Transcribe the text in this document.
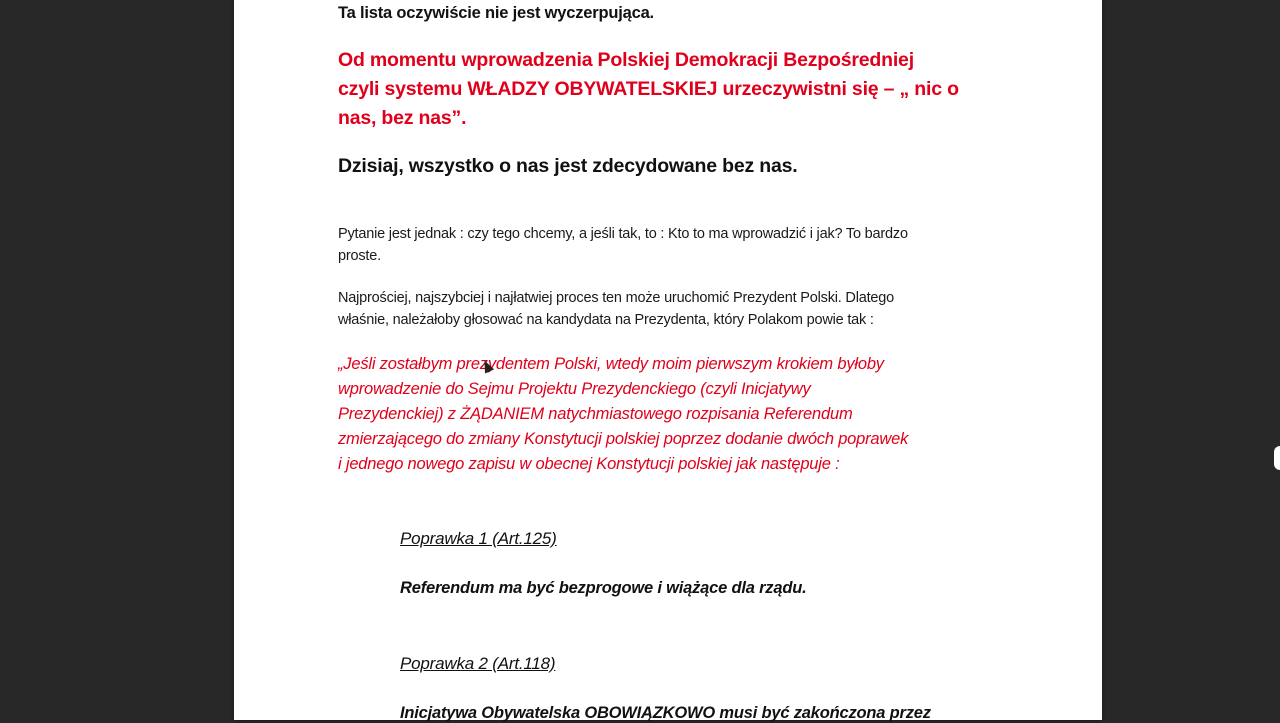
Ta lista oczywiście nie jest wyczerpująca.
Od momentu wprowadzenia Polskiej Demokracji Bezpośredniej
czyli systemu WŁADZY OBYWATELSKIEJ urzeczywistni się – „ nic o
nas, bez nas”.
Dzisiaj, wszystko o nas jest zdecydowane bez nas.
Pytanie jest jednak : czy tego chcemy, a jeśli tak, to : Kto to ma wprowadzić i jak? To bardzo
proste.
Najprościej, najszybciej i najłatwiej proces ten może uruchomić Prezydent Polski. Dlatego
właśnie, należałoby głosować na kandydata na Prezydenta, który Polakom powie tak :
„Jeśli zostałbym prezydentem Polski, wtedy moim pierwszym krokiem byłoby
wprowadzenie do Sejmu Projektu Prezydenckiego (czyli Inicjatywy
Prezydenckiej) z ŻĄDANIEM natychmiastowego rozpisania Referendum
zmierzającego do zmiany Konstytucji polskiej poprzez dodanie dwóch poprawek
i jednego nowego zapisu w obecnej Konstytucji polskiej jak następuje :
Poprawka 1 (Art.125)
Referendum ma być bezprogowe i wiążące dla rządu.
Poprawka 2 (Art.118)
Inicjatywa Obywatelska OBOWIĄZKOWO musi być zakończona przez
